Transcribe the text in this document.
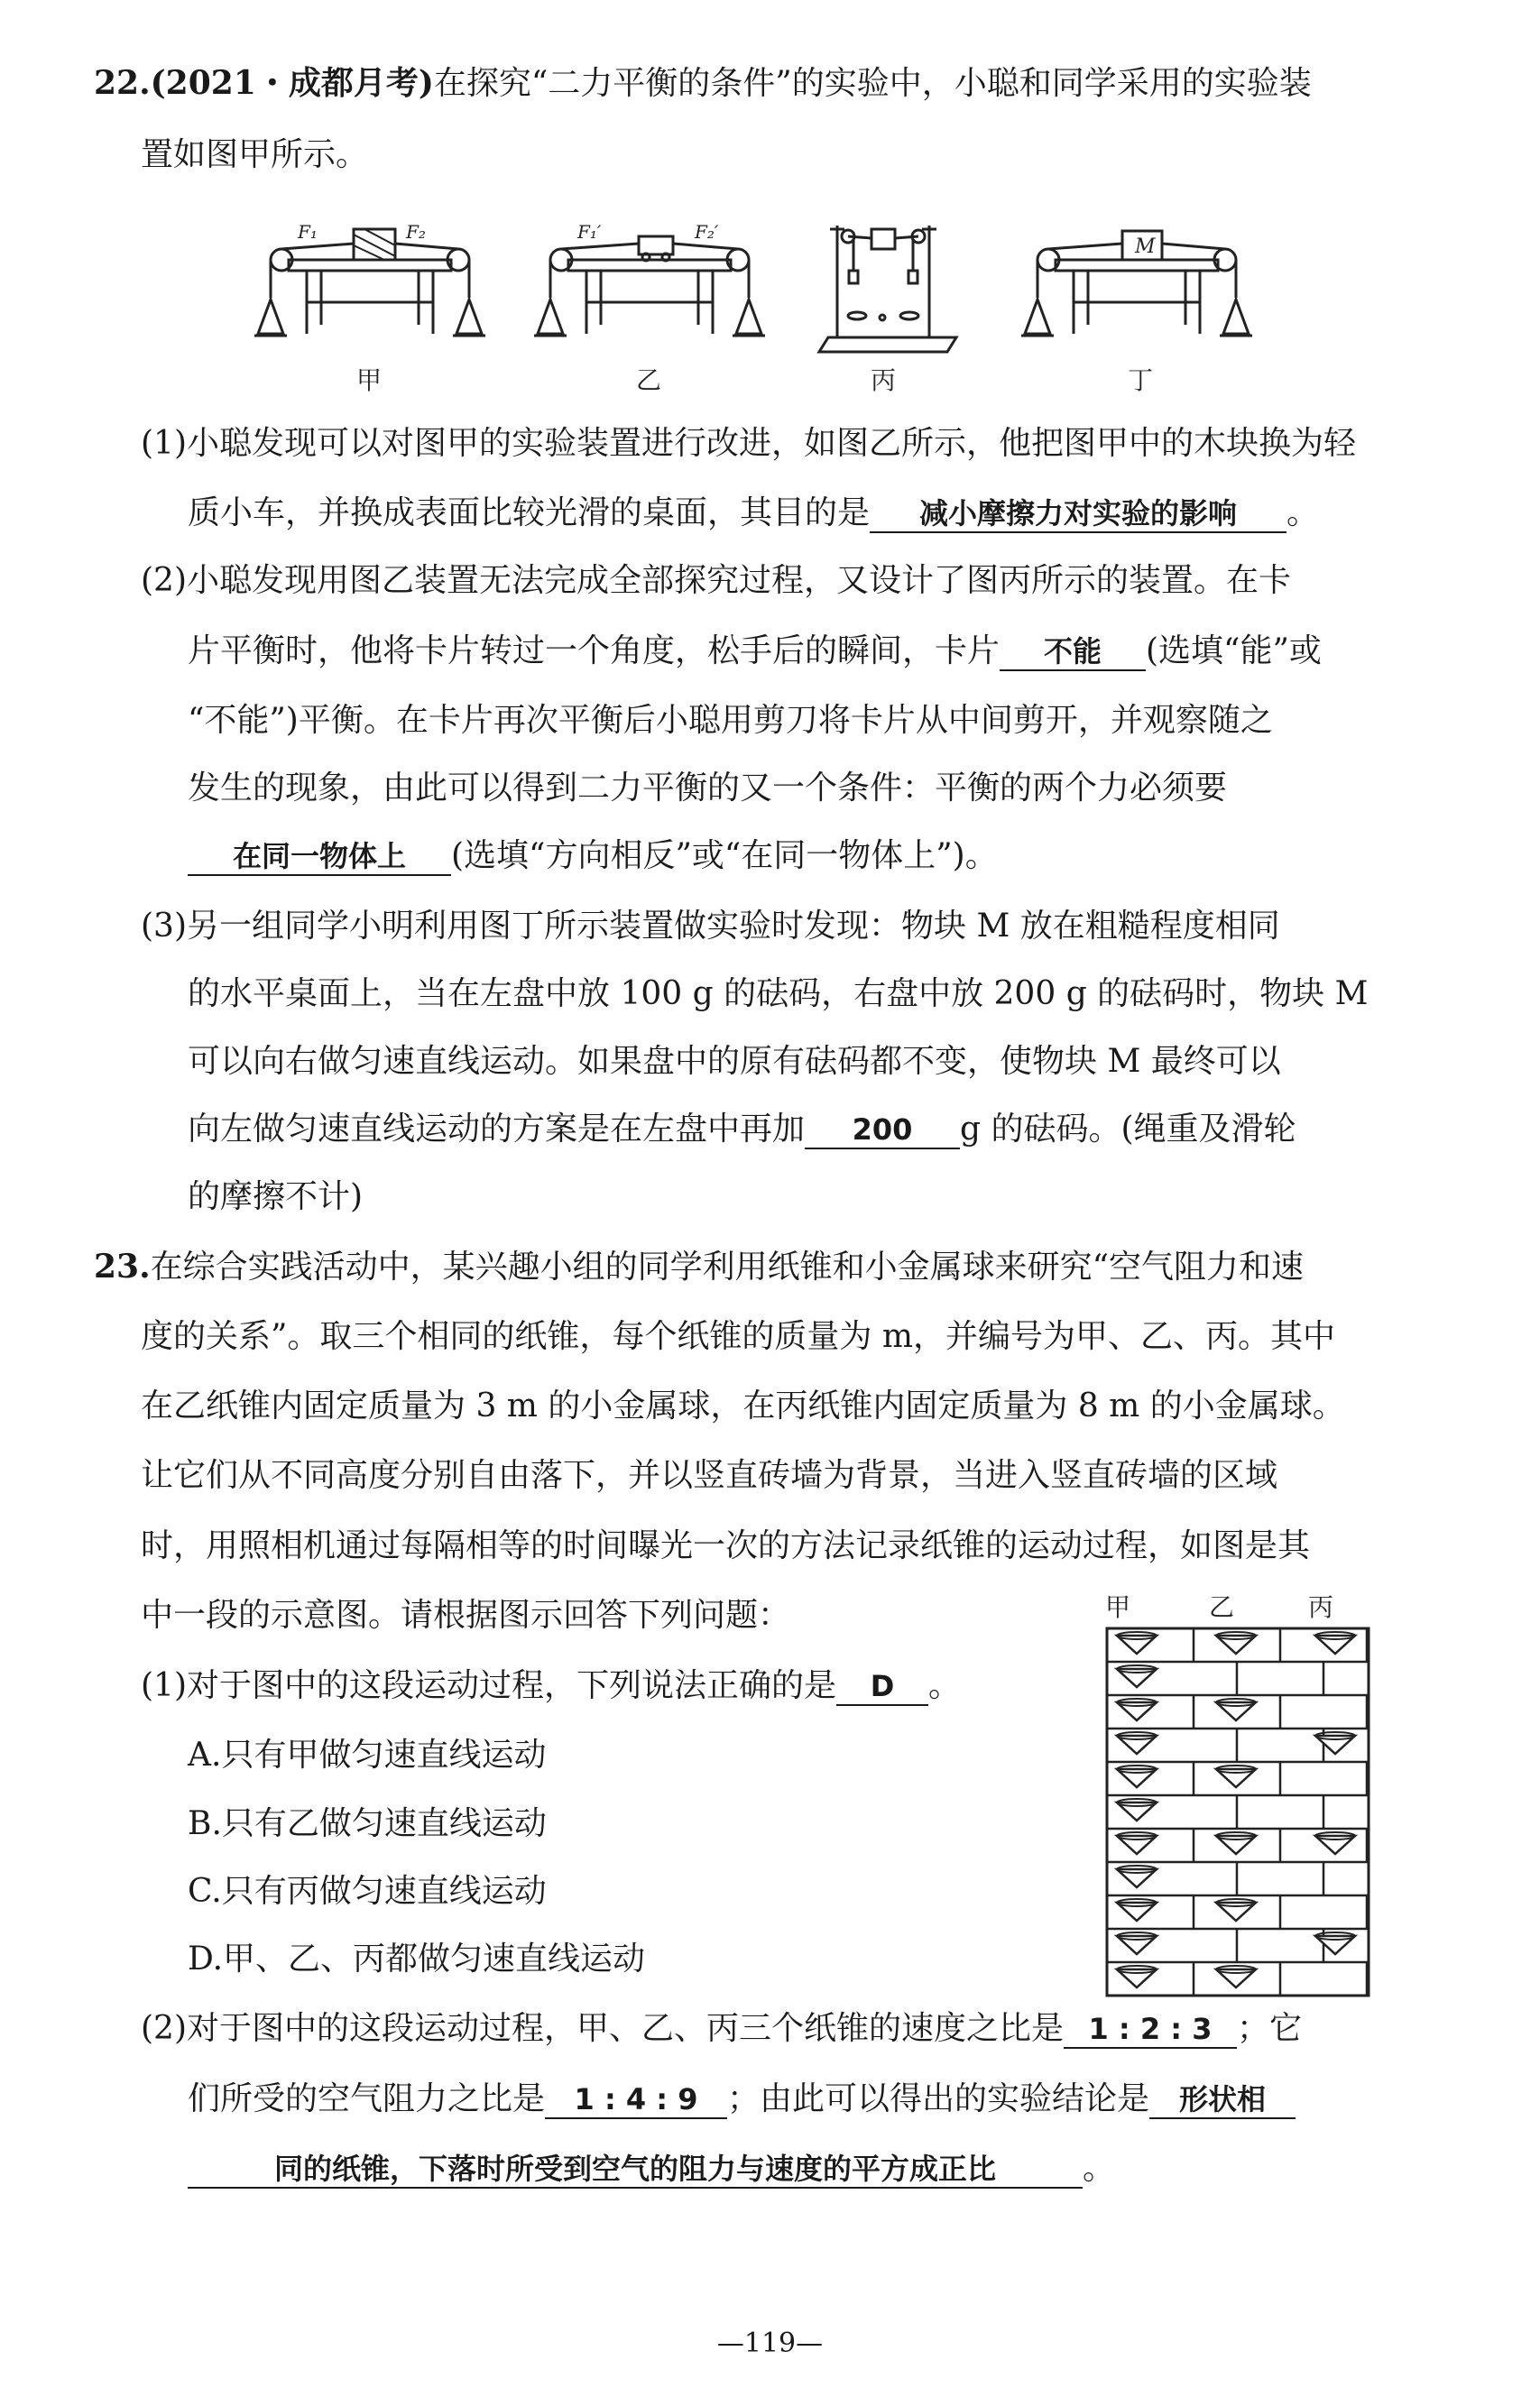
22.(2021・成都月考)在探究“二力平衡的条件”的实验中，小聪和同学采用的实验装
置如图甲所示。
F₁	F₂	F₁′	F₂′
M
甲	乙	丙	丁
(1)小聪发现可以对图甲的实验装置进行改进，如图乙所示，他把图甲中的木块换为轻
质小车，并换成表面比较光滑的桌面，其目的是 减小摩擦力对实验的影响 。
(2)小聪发现用图乙装置无法完成全部探究过程，又设计了图丙所示的装置。在卡
片平衡时，他将卡片转过一个角度，松手后的瞬间，卡片 不能 (选填“能”或
“不能”)平衡。在卡片再次平衡后小聪用剪刀将卡片从中间剪开，并观察随之
发生的现象，由此可以得到二力平衡的又一个条件：平衡的两个力必须要
在同一物体上 (选填“方向相反”或“在同一物体上”)。
(3)另一组同学小明利用图丁所示装置做实验时发现：物块 M 放在粗糙程度相同
的水平桌面上，当在左盘中放 100 g 的砝码，右盘中放 200 g 的砝码时，物块 M
可以向右做匀速直线运动。如果盘中的原有砝码都不变，使物块 M 最终可以
向左做匀速直线运动的方案是在左盘中再加 200 g 的砝码。(绳重及滑轮
的摩擦不计)
23.在综合实践活动中，某兴趣小组的同学利用纸锥和小金属球来研究“空气阻力和速
度的关系”。取三个相同的纸锥，每个纸锥的质量为 m，并编号为甲、乙、丙。其中
在乙纸锥内固定质量为 3 m 的小金属球，在丙纸锥内固定质量为 8 m 的小金属球。
让它们从不同高度分别自由落下，并以竖直砖墙为背景，当进入竖直砖墙的区域
时，用照相机通过每隔相等的时间曝光一次的方法记录纸锥的运动过程，如图是其
中一段的示意图。请根据图示回答下列问题：	甲	乙	丙
(1)对于图中的这段运动过程，下列说法正确的是 D 。
A.只有甲做匀速直线运动
B.只有乙做匀速直线运动
C.只有丙做匀速直线运动
D.甲、乙、丙都做匀速直线运动
(2)对于图中的这段运动过程，甲、乙、丙三个纸锥的速度之比是 1 : 2 : 3 ；它
们所受的空气阻力之比是 1 : 4 : 9 ；由此可以得出的实验结论是 形状相
同的纸锥，下落时所受到空气的阻力与速度的平方成正比	。
—119—
